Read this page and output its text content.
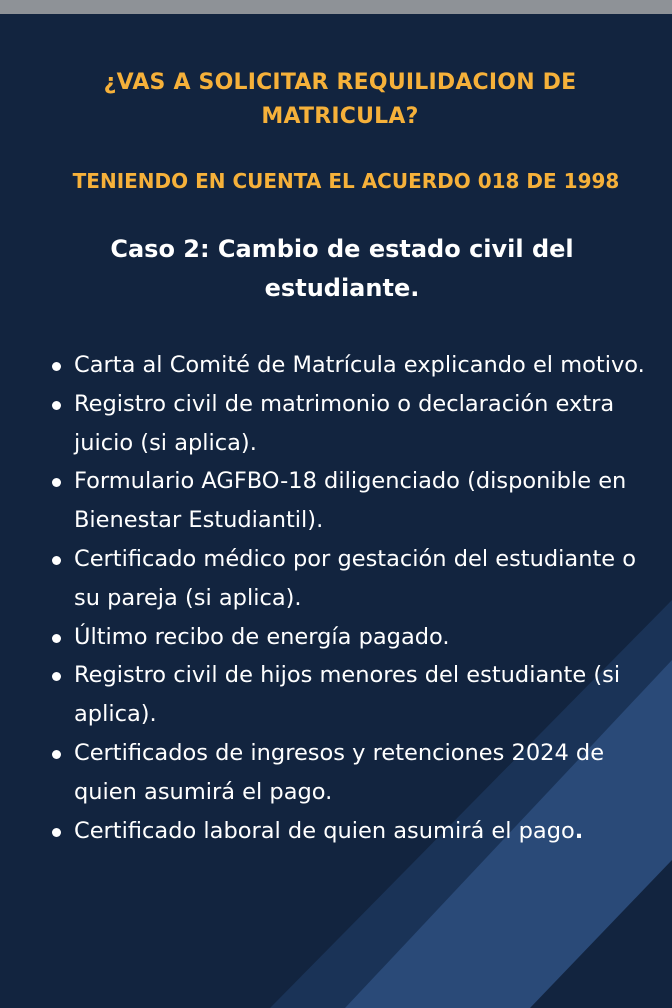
¿VAS A SOLICITAR REQUILIDACION DE MATRICULA?
TENIENDO EN CUENTA EL ACUERDO 018 DE 1998
Caso 2: Cambio de estado civil del estudiante.
Carta al Comité de Matrícula explicando el motivo.
Registro civil de matrimonio o declaración extra juicio (si aplica).
Formulario AGFBO-18 diligenciado (disponible en Bienestar Estudiantil).
Certificado médico por gestación del estudiante o su pareja (si aplica).
Último recibo de energía pagado.
Registro civil de hijos menores del estudiante (si aplica).
Certificados de ingresos y retenciones 2024 de quien asumirá el pago.
Certificado laboral de quien asumirá el pago.
